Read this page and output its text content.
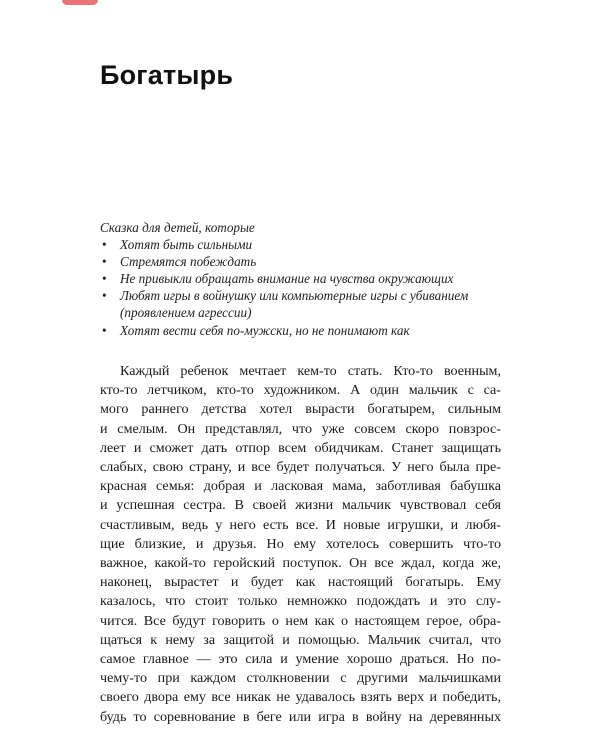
Богатырь
Сказка для детей, которые
• Хотят быть сильными
• Стремятся побеждать
• Не привыкли обращать внимание на чувства окружающих
• Любят игры в войнушку или компьютерные игры с убиванием
(проявлением агрессии)
• Хотят вести себя по-мужски, но не понимают как
Каждый ребенок мечтает кем-то стать. Кто-то военным,
кто-то летчиком, кто-то художником. А один мальчик с са-
мого раннего детства хотел вырасти богатырем, сильным
и смелым. Он представлял, что уже совсем скоро повзрос-
леет и сможет дать отпор всем обидчикам. Станет защищать
слабых, свою страну, и все будет получаться. У него была пре-
красная семья: добрая и ласковая мама, заботливая бабушка
и успешная сестра. В своей жизни мальчик чувствовал себя
счастливым, ведь у него есть все. И новые игрушки, и любя-
щие близкие, и друзья. Но ему хотелось совершить что-то
важное, какой-то геройский поступок. Он все ждал, когда же,
наконец, вырастет и будет как настоящий богатырь. Ему
казалось, что стоит только немножко подождать и это слу-
чится. Все будут говорить о нем как о настоящем герое, обра-
щаться к нему за защитой и помощью. Мальчик считал, что
самое главное — это сила и умение хорошо драться. Но по-
чему-то при каждом столкновении с другими мальчишками
своего двора ему все никак не удавалось взять верх и победить,
будь то соревнование в беге или игра в войну на деревянных
